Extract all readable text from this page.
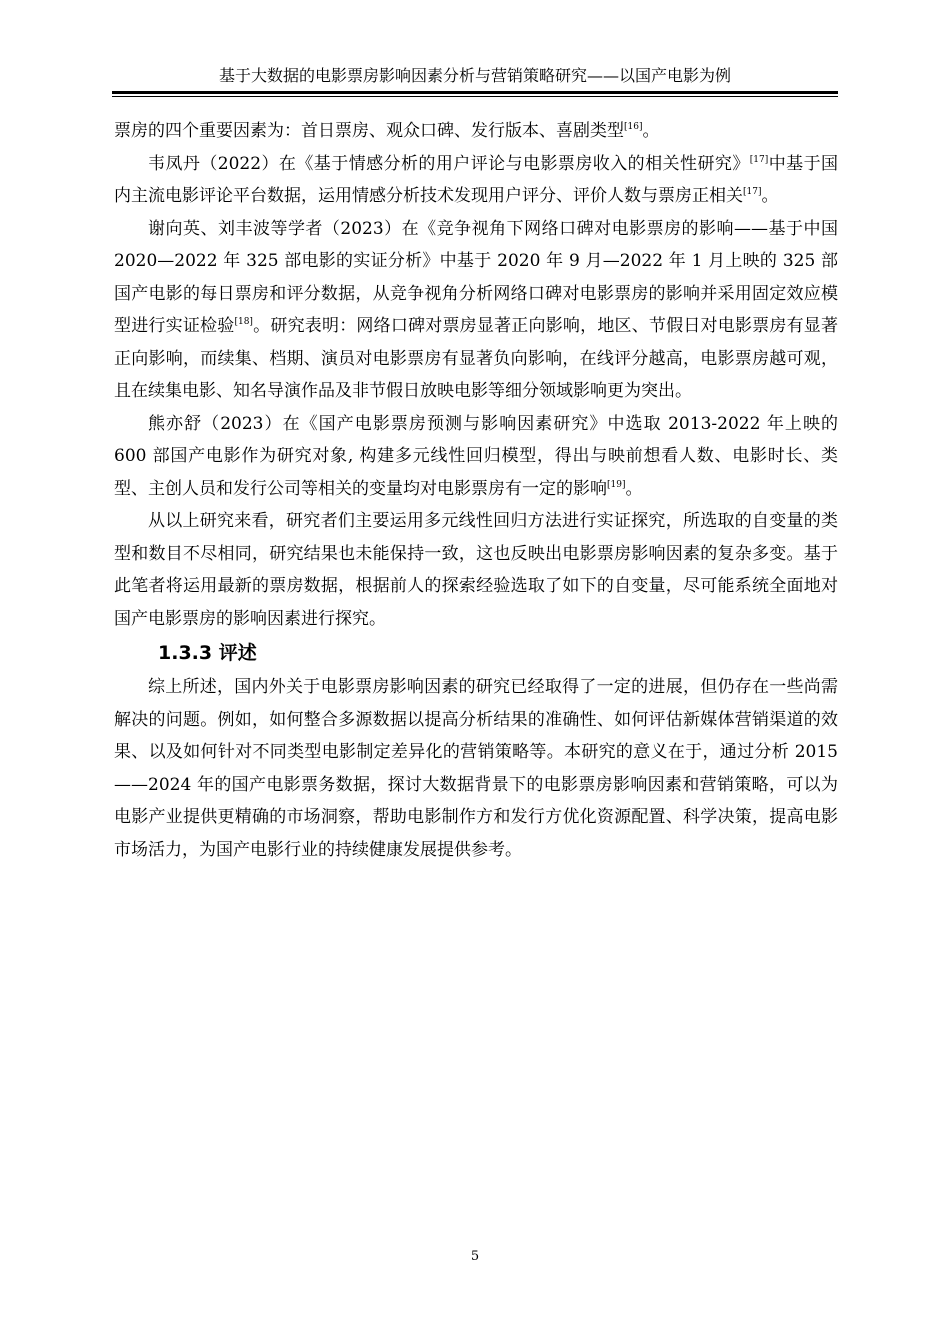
基于大数据的电影票房影响因素分析与营销策略研究——以国产电影为例

票房的四个重要因素为：首日票房、观众口碑、发行版本、喜剧类型[16]。

韦凤丹（2022）在《基于情感分析的用户评论与电影票房收入的相关性研究》[17]中基于国内主流电影评论平台数据，运用情感分析技术发现用户评分、评价人数与票房正相关[17]。

谢向英、刘丰波等学者（2023）在《竞争视角下网络口碑对电影票房的影响——基于中国 2020—2022 年 325 部电影的实证分析》中基于 2020 年 9 月—2022 年 1 月上映的 325 部国产电影的每日票房和评分数据，从竞争视角分析网络口碑对电影票房的影响并采用固定效应模型进行实证检验[18]。研究表明：网络口碑对票房显著正向影响，地区、节假日对电影票房有显著正向影响，而续集、档期、演员对电影票房有显著负向影响，在线评分越高，电影票房越可观，且在续集电影、知名导演作品及非节假日放映电影等细分领域影响更为突出。

熊亦舒（2023）在《国产电影票房预测与影响因素研究》中选取 2013-2022 年上映的 600 部国产电影作为研究对象, 构建多元线性回归模型，得出与映前想看人数、电影时长、类型、主创人员和发行公司等相关的变量均对电影票房有一定的影响[19]。

从以上研究来看，研究者们主要运用多元线性回归方法进行实证探究，所选取的自变量的类型和数目不尽相同，研究结果也未能保持一致，这也反映出电影票房影响因素的复杂多变。基于此笔者将运用最新的票房数据，根据前人的探索经验选取了如下的自变量，尽可能系统全面地对国产电影票房的影响因素进行探究。

1.3.3 评述

综上所述，国内外关于电影票房影响因素的研究已经取得了一定的进展，但仍存在一些尚需解决的问题。例如，如何整合多源数据以提高分析结果的准确性、如何评估新媒体营销渠道的效果、以及如何针对不同类型电影制定差异化的营销策略等。本研究的意义在于，通过分析 2015——2024 年的国产电影票务数据，探讨大数据背景下的电影票房影响因素和营销策略，可以为电影产业提供更精确的市场洞察，帮助电影制作方和发行方优化资源配置、科学决策，提高电影市场活力，为国产电影行业的持续健康发展提供参考。

5
